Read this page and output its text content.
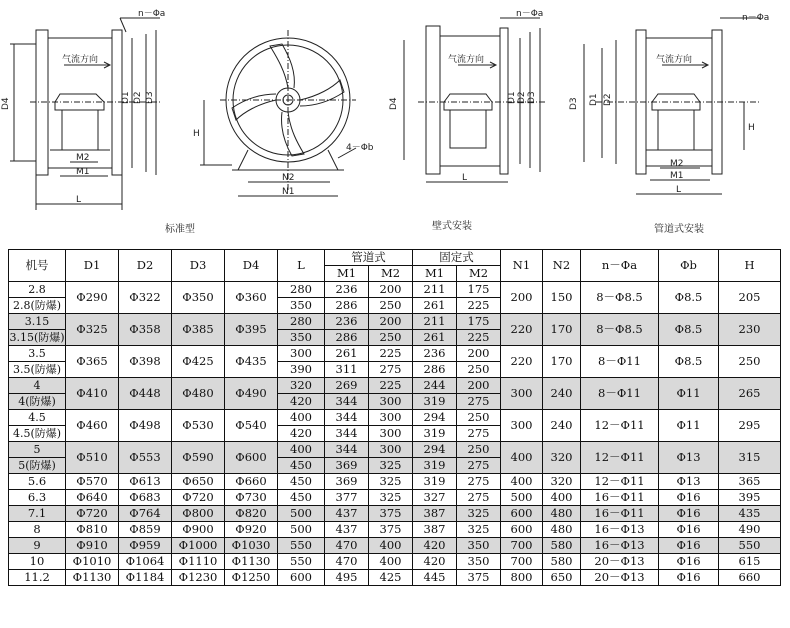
n－Φa
气流方向
D4	D1 D2 D3
M2
M1
L
H
4－Φb
N2
N1
n－Φa
气流方向
D4	D1 D2 D3
L
n－Φa
气流方向
D3 D1 D2
M2
M1
L
H
标准型	壁式安装	管道式安装
机号	D1	D2	D3	D4	L	管道式		固定式		N1	N2	n－Φa	Φb	H
						M1	M2	M1	M2					
2.8	Φ290	Φ322	Φ350	Φ360	280	236	200	211	175	200	150	8－Φ8.5	Φ8.5	205
2.8(防爆)					350	286	250	261	225					
3.15	Φ325	Φ358	Φ385	Φ395	280	236	200	211	175	220	170	8－Φ8.5	Φ8.5	230
3.15(防爆)					350	286	250	261	225					
3.5	Φ365	Φ398	Φ425	Φ435	300	261	225	236	200	220	170	8－Φ11	Φ8.5	250
3.5(防爆)					390	311	275	286	250					
4	Φ410	Φ448	Φ480	Φ490	320	269	225	244	200	300	240	8－Φ11	Φ11	265
4(防爆)					420	344	300	319	275					
4.5	Φ460	Φ498	Φ530	Φ540	400	344	300	294	250	300	240	12－Φ11	Φ11	295
4.5(防爆)					420	344	300	319	275					
5	Φ510	Φ553	Φ590	Φ600	400	344	300	294	250	400	320	12－Φ11	Φ13	315
5(防爆)					450	369	325	319	275					
5.6	Φ570	Φ613	Φ650	Φ660	450	369	325	319	275	400	320	12－Φ11	Φ13	365
6.3	Φ640	Φ683	Φ720	Φ730	450	377	325	327	275	500	400	16－Φ11	Φ16	395
7.1	Φ720	Φ764	Φ800	Φ820	500	437	375	387	325	600	480	16－Φ11	Φ16	435
8	Φ810	Φ859	Φ900	Φ920	500	437	375	387	325	600	480	16－Φ13	Φ16	490
9	Φ910	Φ959	Φ1000	Φ1030	550	470	400	420	350	700	580	16－Φ13	Φ16	550
10	Φ1010	Φ1064	Φ1110	Φ1130	550	470	400	420	350	700	580	20－Φ13	Φ16	615
11.2	Φ1130	Φ1184	Φ1230	Φ1250	600	495	425	445	375	800	650	20－Φ13	Φ16	660
